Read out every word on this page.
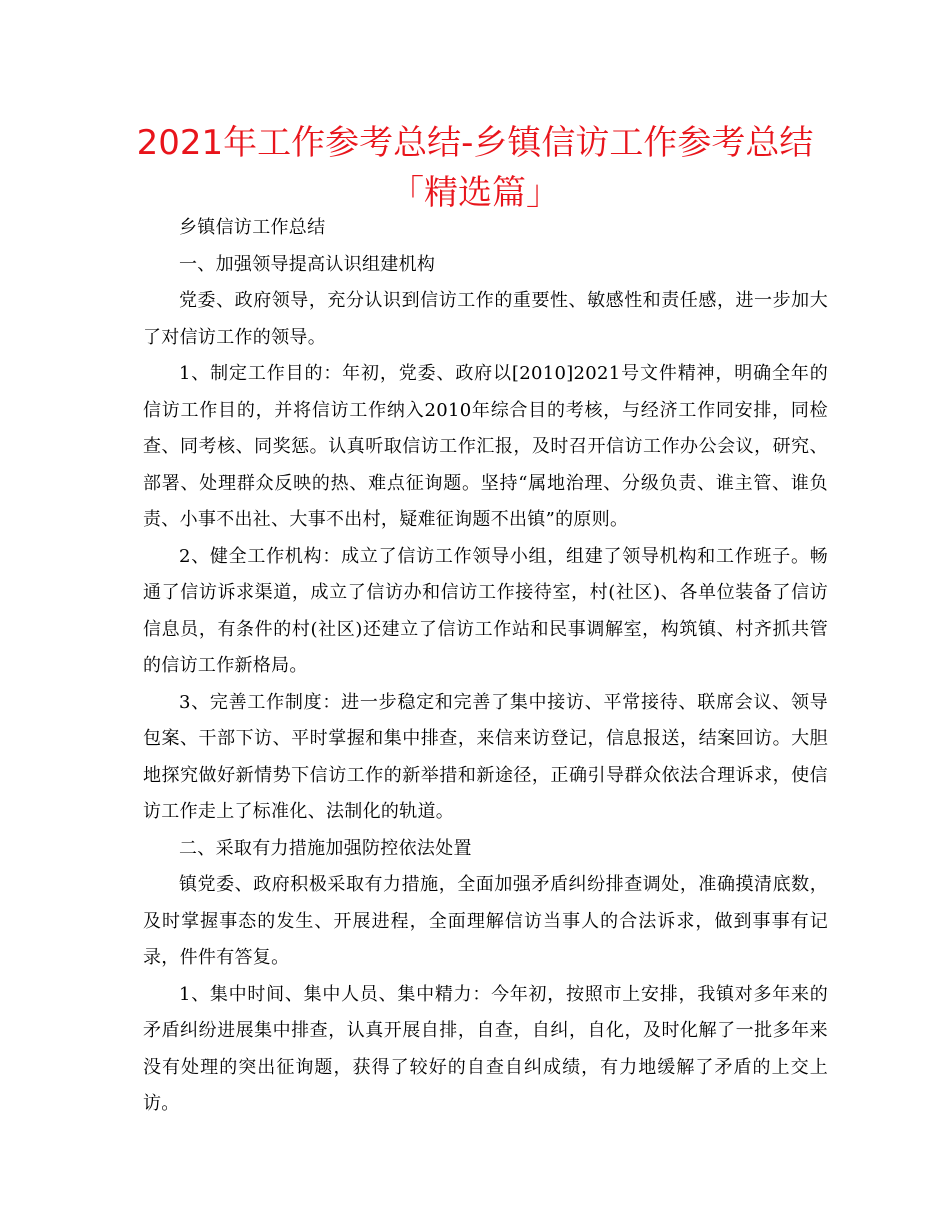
2021年工作参考总结-乡镇信访工作参考总结「精选篇」

乡镇信访工作总结

一、加强领导提高认识组建机构

党委、政府领导，充分认识到信访工作的重要性、敏感性和责任感，进一步加大了对信访工作的领导。

1、制定工作目的：年初，党委、政府以[2010]2021号文件精神，明确全年的信访工作目的，并将信访工作纳入2010年综合目的考核，与经济工作同安排，同检查、同考核、同奖惩。认真听取信访工作汇报，及时召开信访工作办公会议，研究、部署、处理群众反映的热、难点征询题。坚持“属地治理、分级负责、谁主管、谁负责、小事不出社、大事不出村，疑难征询题不出镇”的原则。

2、健全工作机构：成立了信访工作领导小组，组建了领导机构和工作班子。畅通了信访诉求渠道，成立了信访办和信访工作接待室，村(社区)、各单位装备了信访信息员，有条件的村(社区)还建立了信访工作站和民事调解室，构筑镇、村齐抓共管的信访工作新格局。

3、完善工作制度：进一步稳定和完善了集中接访、平常接待、联席会议、领导包案、干部下访、平时掌握和集中排查，来信来访登记，信息报送，结案回访。大胆地探究做好新情势下信访工作的新举措和新途径，正确引导群众依法合理诉求，使信访工作走上了标准化、法制化的轨道。

二、采取有力措施加强防控依法处置

镇党委、政府积极采取有力措施，全面加强矛盾纠纷排查调处，准确摸清底数，及时掌握事态的发生、开展进程，全面理解信访当事人的合法诉求，做到事事有记录，件件有答复。

1、集中时间、集中人员、集中精力：今年初，按照市上安排，我镇对多年来的矛盾纠纷进展集中排查，认真开展自排，自查，自纠，自化，及时化解了一批多年来没有处理的突出征询题，获得了较好的自查自纠成绩，有力地缓解了矛盾的上交上访。
